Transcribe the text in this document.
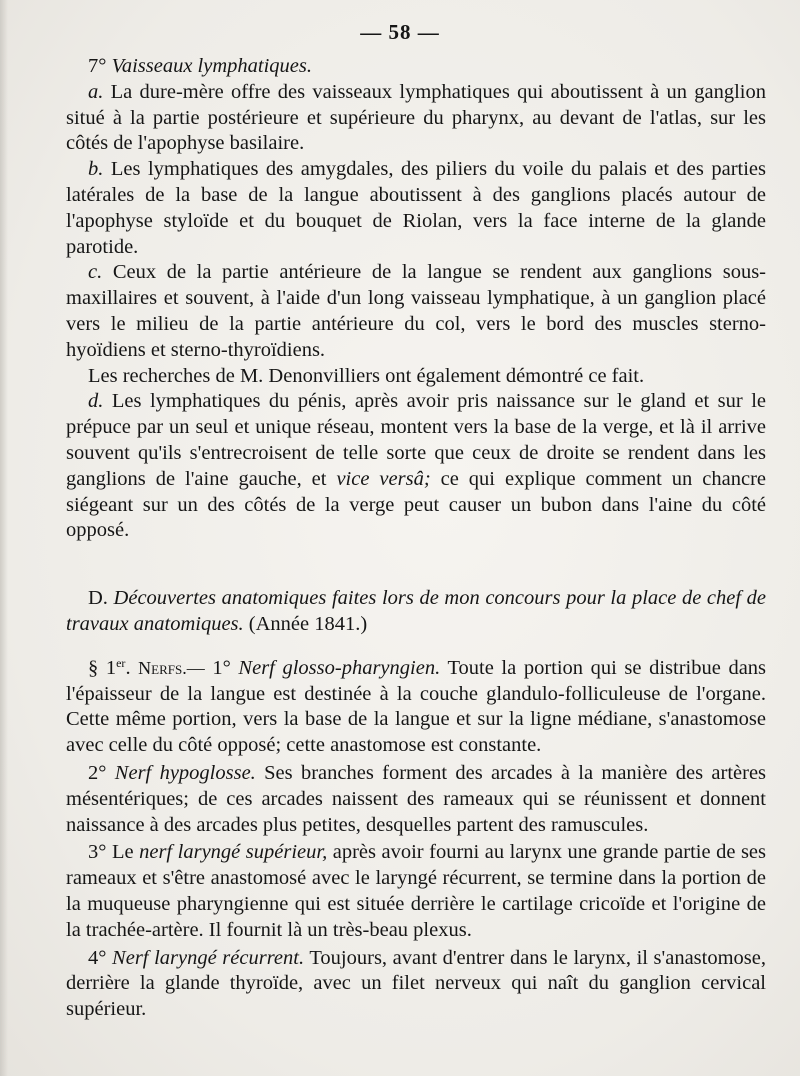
— 58 —

7° Vaisseaux lymphatiques.

a. La dure-mère offre des vaisseaux lymphatiques qui aboutissent à un ganglion situé à la partie postérieure et supérieure du pharynx, au devant de l'atlas, sur les côtés de l'apophyse basilaire.

b. Les lymphatiques des amygdales, des piliers du voile du palais et des parties latérales de la base de la langue aboutissent à des ganglions placés autour de l'apophyse styloïde et du bouquet de Riolan, vers la face interne de la glande parotide.

c. Ceux de la partie antérieure de la langue se rendent aux ganglions sous-maxillaires et souvent, à l'aide d'un long vaisseau lymphatique, à un ganglion placé vers le milieu de la partie antérieure du col, vers le bord des muscles sterno-hyoïdiens et sterno-thyroïdiens.

Les recherches de M. Denonvilliers ont également démontré ce fait.

d. Les lymphatiques du pénis, après avoir pris naissance sur le gland et sur le prépuce par un seul et unique réseau, montent vers la base de la verge, et là il arrive souvent qu'ils s'entrecroisent de telle sorte que ceux de droite se rendent dans les ganglions de l'aine gauche, et vice versâ; ce qui explique comment un chancre siégeant sur un des côtés de la verge peut causer un bubon dans l'aine du côté opposé.

D. Découvertes anatomiques faites lors de mon concours pour la place de chef de travaux anatomiques. (Année 1841.)

§ 1er. Nerfs.— 1° Nerf glosso-pharyngien. Toute la portion qui se distribue dans l'épaisseur de la langue est destinée à la couche glandulo-folliculeuse de l'organe. Cette même portion, vers la base de la langue et sur la ligne médiane, s'anastomose avec celle du côté opposé; cette anastomose est constante.

2° Nerf hypoglosse. Ses branches forment des arcades à la manière des artères mésentériques; de ces arcades naissent des rameaux qui se réunissent et donnent naissance à des arcades plus petites, desquelles partent des ramuscules.

3° Le nerf laryngé supérieur, après avoir fourni au larynx une grande partie de ses rameaux et s'être anastomosé avec le laryngé récurrent, se termine dans la portion de la muqueuse pharyngienne qui est située derrière le cartilage cricoïde et l'origine de la trachée-artère. Il fournit là un très-beau plexus.

4° Nerf laryngé récurrent. Toujours, avant d'entrer dans le larynx, il s'anastomose, derrière la glande thyroïde, avec un filet nerveux qui naît du ganglion cervical supérieur.
